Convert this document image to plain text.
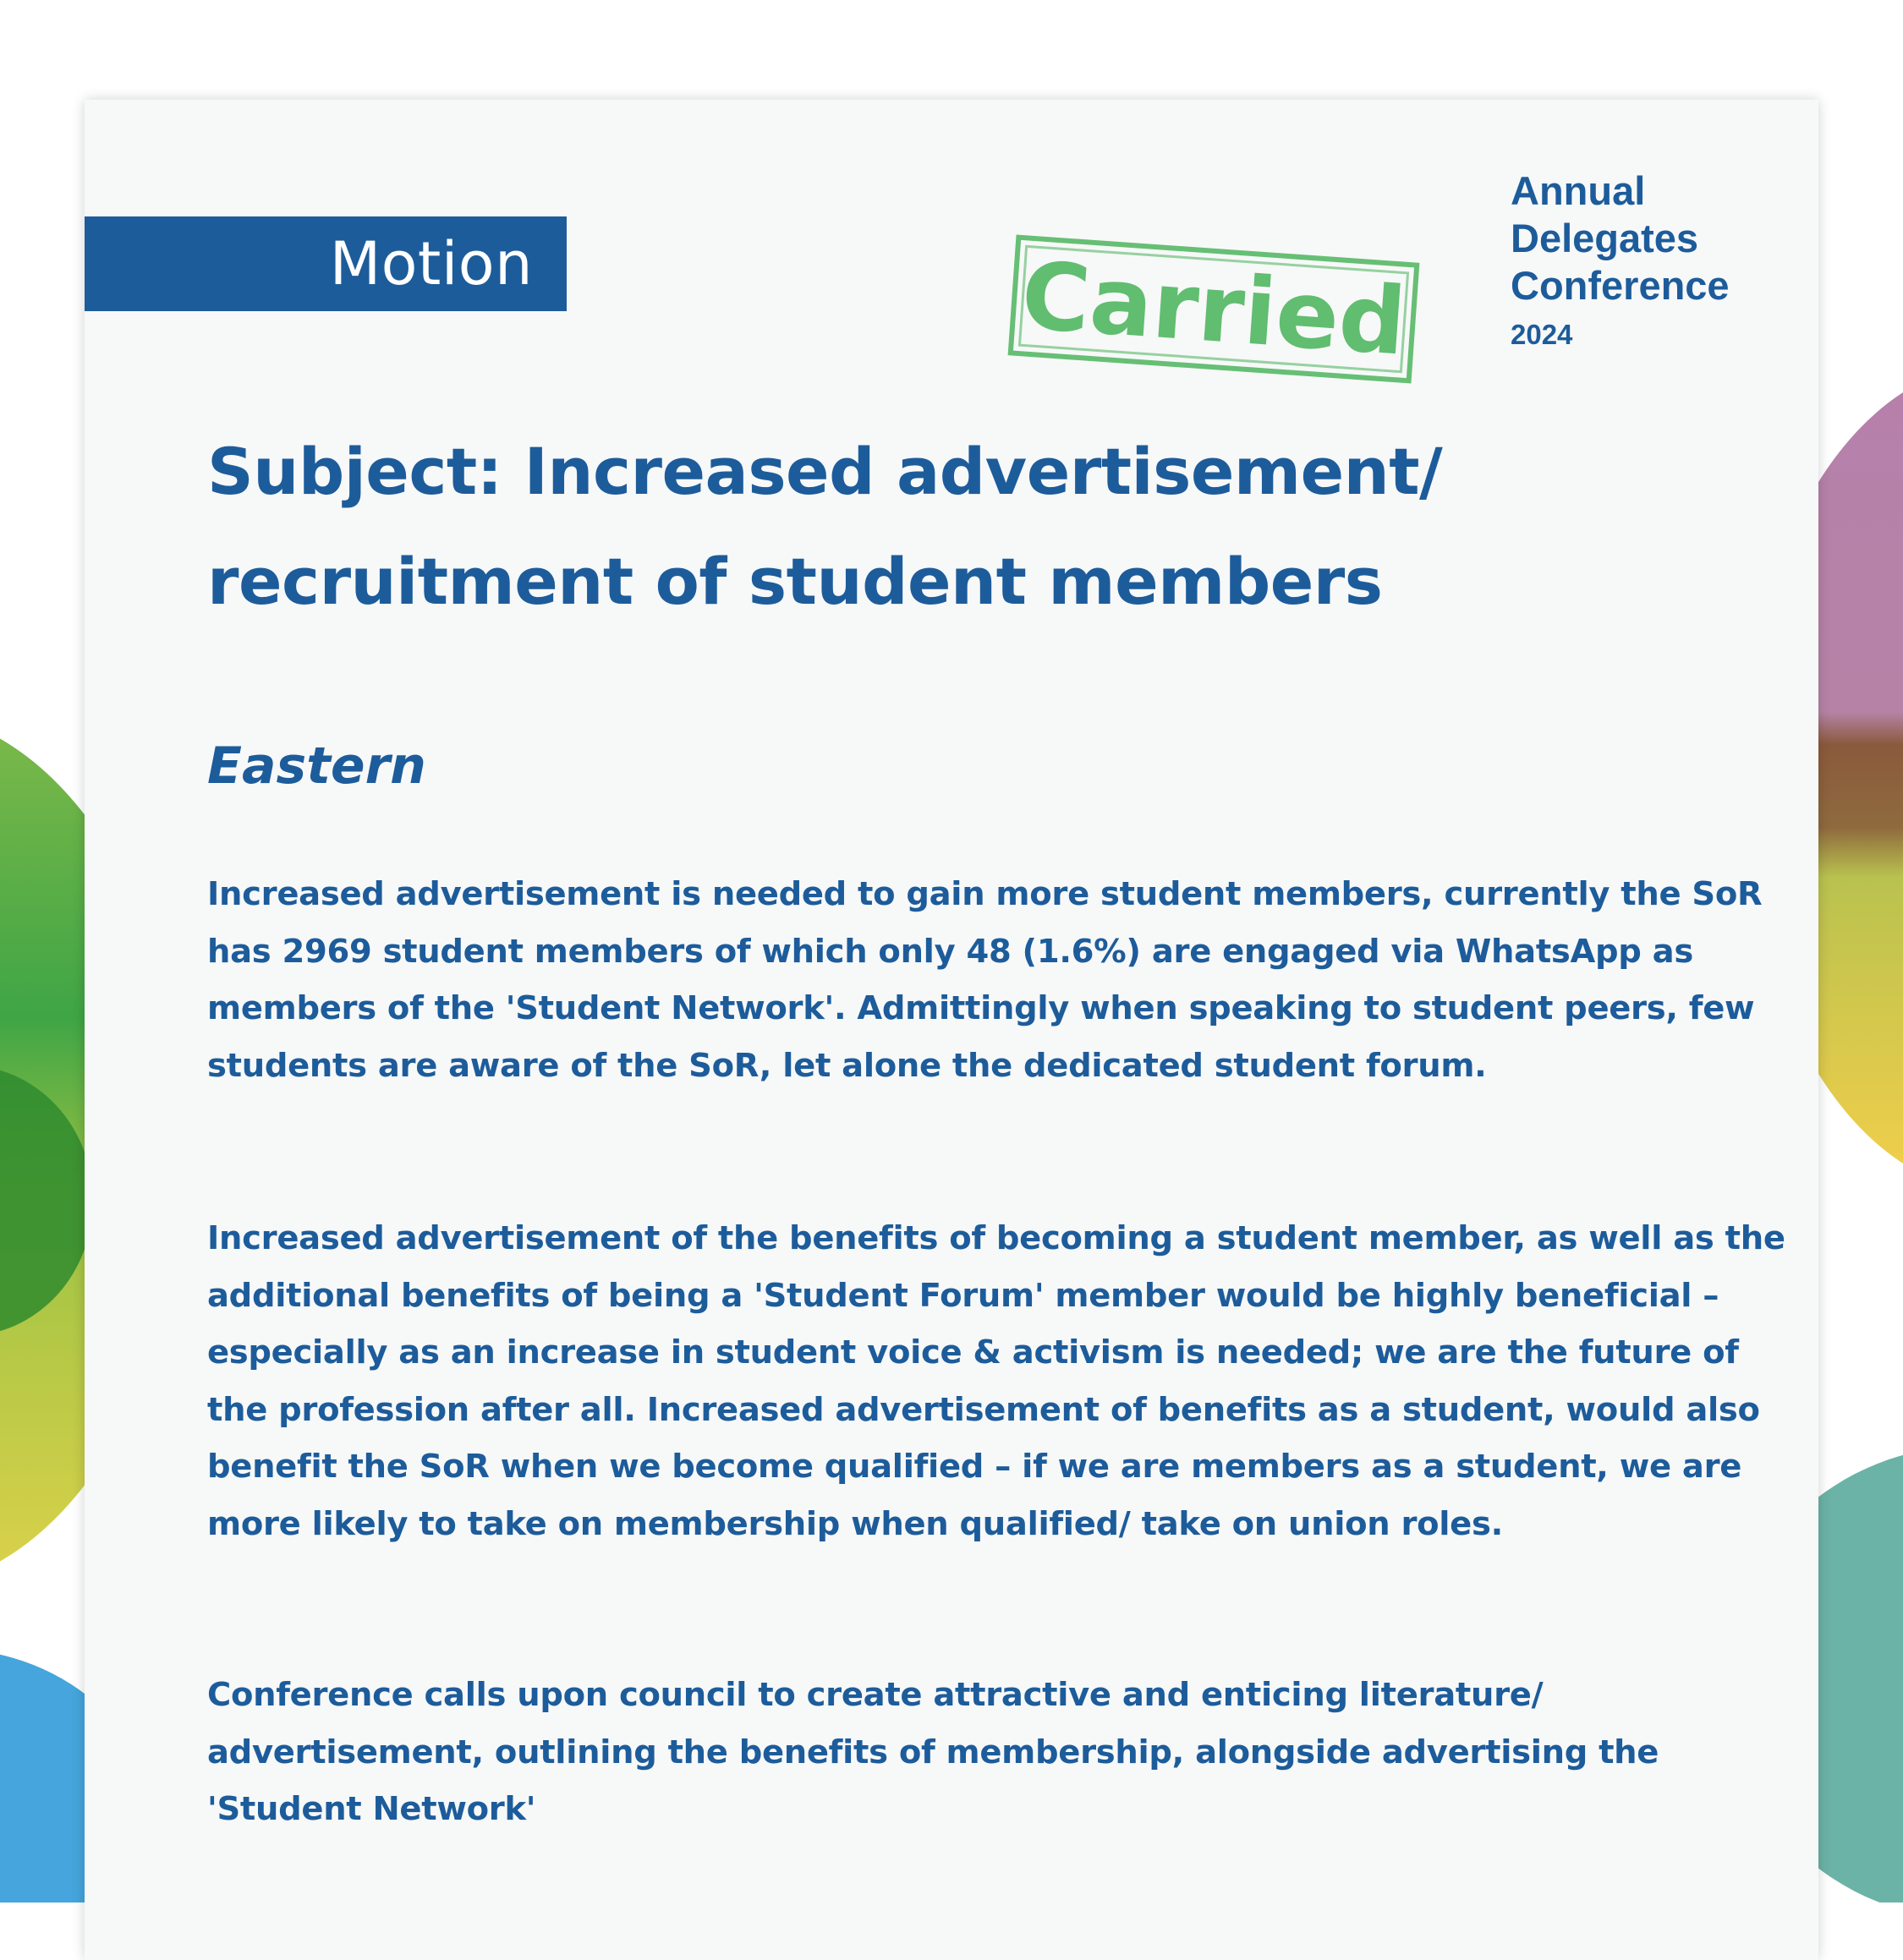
Motion	Carried
Annual
Delegates
Conference
2024
Subject: Increased advertisement/ recruitment of student members
Eastern

Increased advertisement is needed to gain more student members, currently the SoR has 2969 student members of which only 48 (1.6%) are engaged via WhatsApp as members of the 'Student Network'. Admittingly when speaking to student peers, few students are aware of the SoR, let alone the dedicated student forum.

Increased advertisement of the benefits of becoming a student member, as well as the additional benefits of being a 'Student Forum' member would be highly beneficial – especially as an increase in student voice & activism is needed; we are the future of the profession after all. Increased advertisement of benefits as a student, would also benefit the SoR when we become qualified – if we are members as a student, we are more likely to take on membership when qualified/ take on union roles.

Conference calls upon council to create attractive and enticing literature/ advertisement, outlining the benefits of membership, alongside advertising the 'Student Network'
